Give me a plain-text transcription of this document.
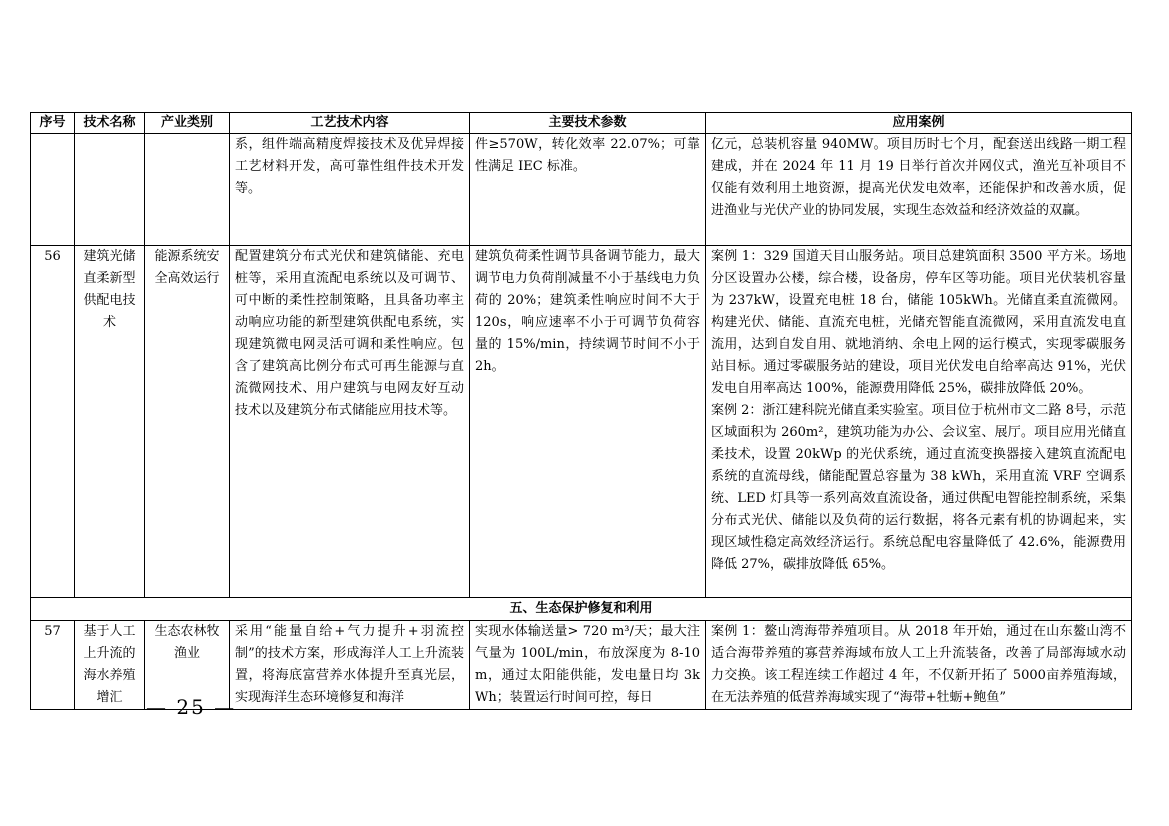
序号	技术名称	产业类别	工艺技术内容	主要技术参数	应用案例
			系，组件端高精度焊接技术及优异焊接工艺材料开发，高可靠性组件技术开发等。	件≥570W，转化效率 22.07%；可靠性满足 IEC 标准。	亿元，总装机容量 940MW。项目历时七个月，配套送出线路一期工程建成，并在 2024 年 11 月 19 日举行首次并网仪式，渔光互补项目不仅能有效利用土地资源，提高光伏发电效率，还能保护和改善水质，促进渔业与光伏产业的协同发展，实现生态效益和经济效益的双赢。
56	建筑光储直柔新型供配电技术	能源系统安全高效运行	配置建筑分布式光伏和建筑储能、充电桩等，采用直流配电系统以及可调节、可中断的柔性控制策略，且具备功率主动响应功能的新型建筑供配电系统，实现建筑微电网灵活可调和柔性响应。包含了建筑高比例分布式可再生能源与直流微网技术、用户建筑与电网友好互动技术以及建筑分布式储能应用技术等。	建筑负荷柔性调节具备调节能力，最大调节电力负荷削减量不小于基线电力负荷的 20%；建筑柔性响应时间不大于 120s，响应速率不小于可调节负荷容量的 15%/min，持续调节时间不小于 2h。	案例 1：329 国道天目山服务站。项目总建筑面积 3500 平方米。场地分区设置办公楼，综合楼，设备房，停车区等功能。项目光伏装机容量为 237kW，设置充电桩 18 台，储能 105kWh。光储直柔直流微网。构建光伏、储能、直流充电桩，光储充智能直流微网，采用直流发电直流用，达到自发自用、就地消纳、余电上网的运行模式，实现零碳服务站目标。通过零碳服务站的建设，项目光伏发电自给率高达 91%，光伏发电自用率高达 100%，能源费用降低 25%，碳排放降低 20%。

案例 2：浙江建科院光储直柔实验室。项目位于杭州市文二路 8号，示范区域面积为 260m²，建筑功能为办公、会议室、展厅。项目应用光储直柔技术，设置 20kWp 的光伏系统，通过直流变换器接入建筑直流配电系统的直流母线，储能配置总容量为 38 kWh，采用直流 VRF 空调系统、LED 灯具等一系列高效直流设备，通过供配电智能控制系统，采集分布式光伏、储能以及负荷的运行数据，将各元素有机的协调起来，实现区域性稳定高效经济运行。系统总配电容量降低了 42.6%，能源费用降低 27%，碳排放降低 65%。

五、生态保护修复和利用					
57	基于人工上升流的海水养殖增汇	生态农林牧渔业	采用“能量自给+气力提升+羽流控制”的技术方案，形成海洋人工上升流装置，将海底富营养水体提升至真光层，实现海洋生态环境修复和海洋	实现水体输送量> 720 m³/天；最大注气量为 100L/min，布放深度为 8-10m，通过太阳能供能，发电量日均 3kWh；装置运行时间可控，每日	案例 1：鳌山湾海带养殖项目。从 2018 年开始，通过在山东鳌山湾不适合海带养殖的寡营养海域布放人工上升流装备，改善了局部海域水动力交换。该工程连续工作超过 4 年，不仅新开拓了 5000亩养殖海域，在无法养殖的低营养海域实现了“海带+牡蛎+鲍鱼”
— 25 —
